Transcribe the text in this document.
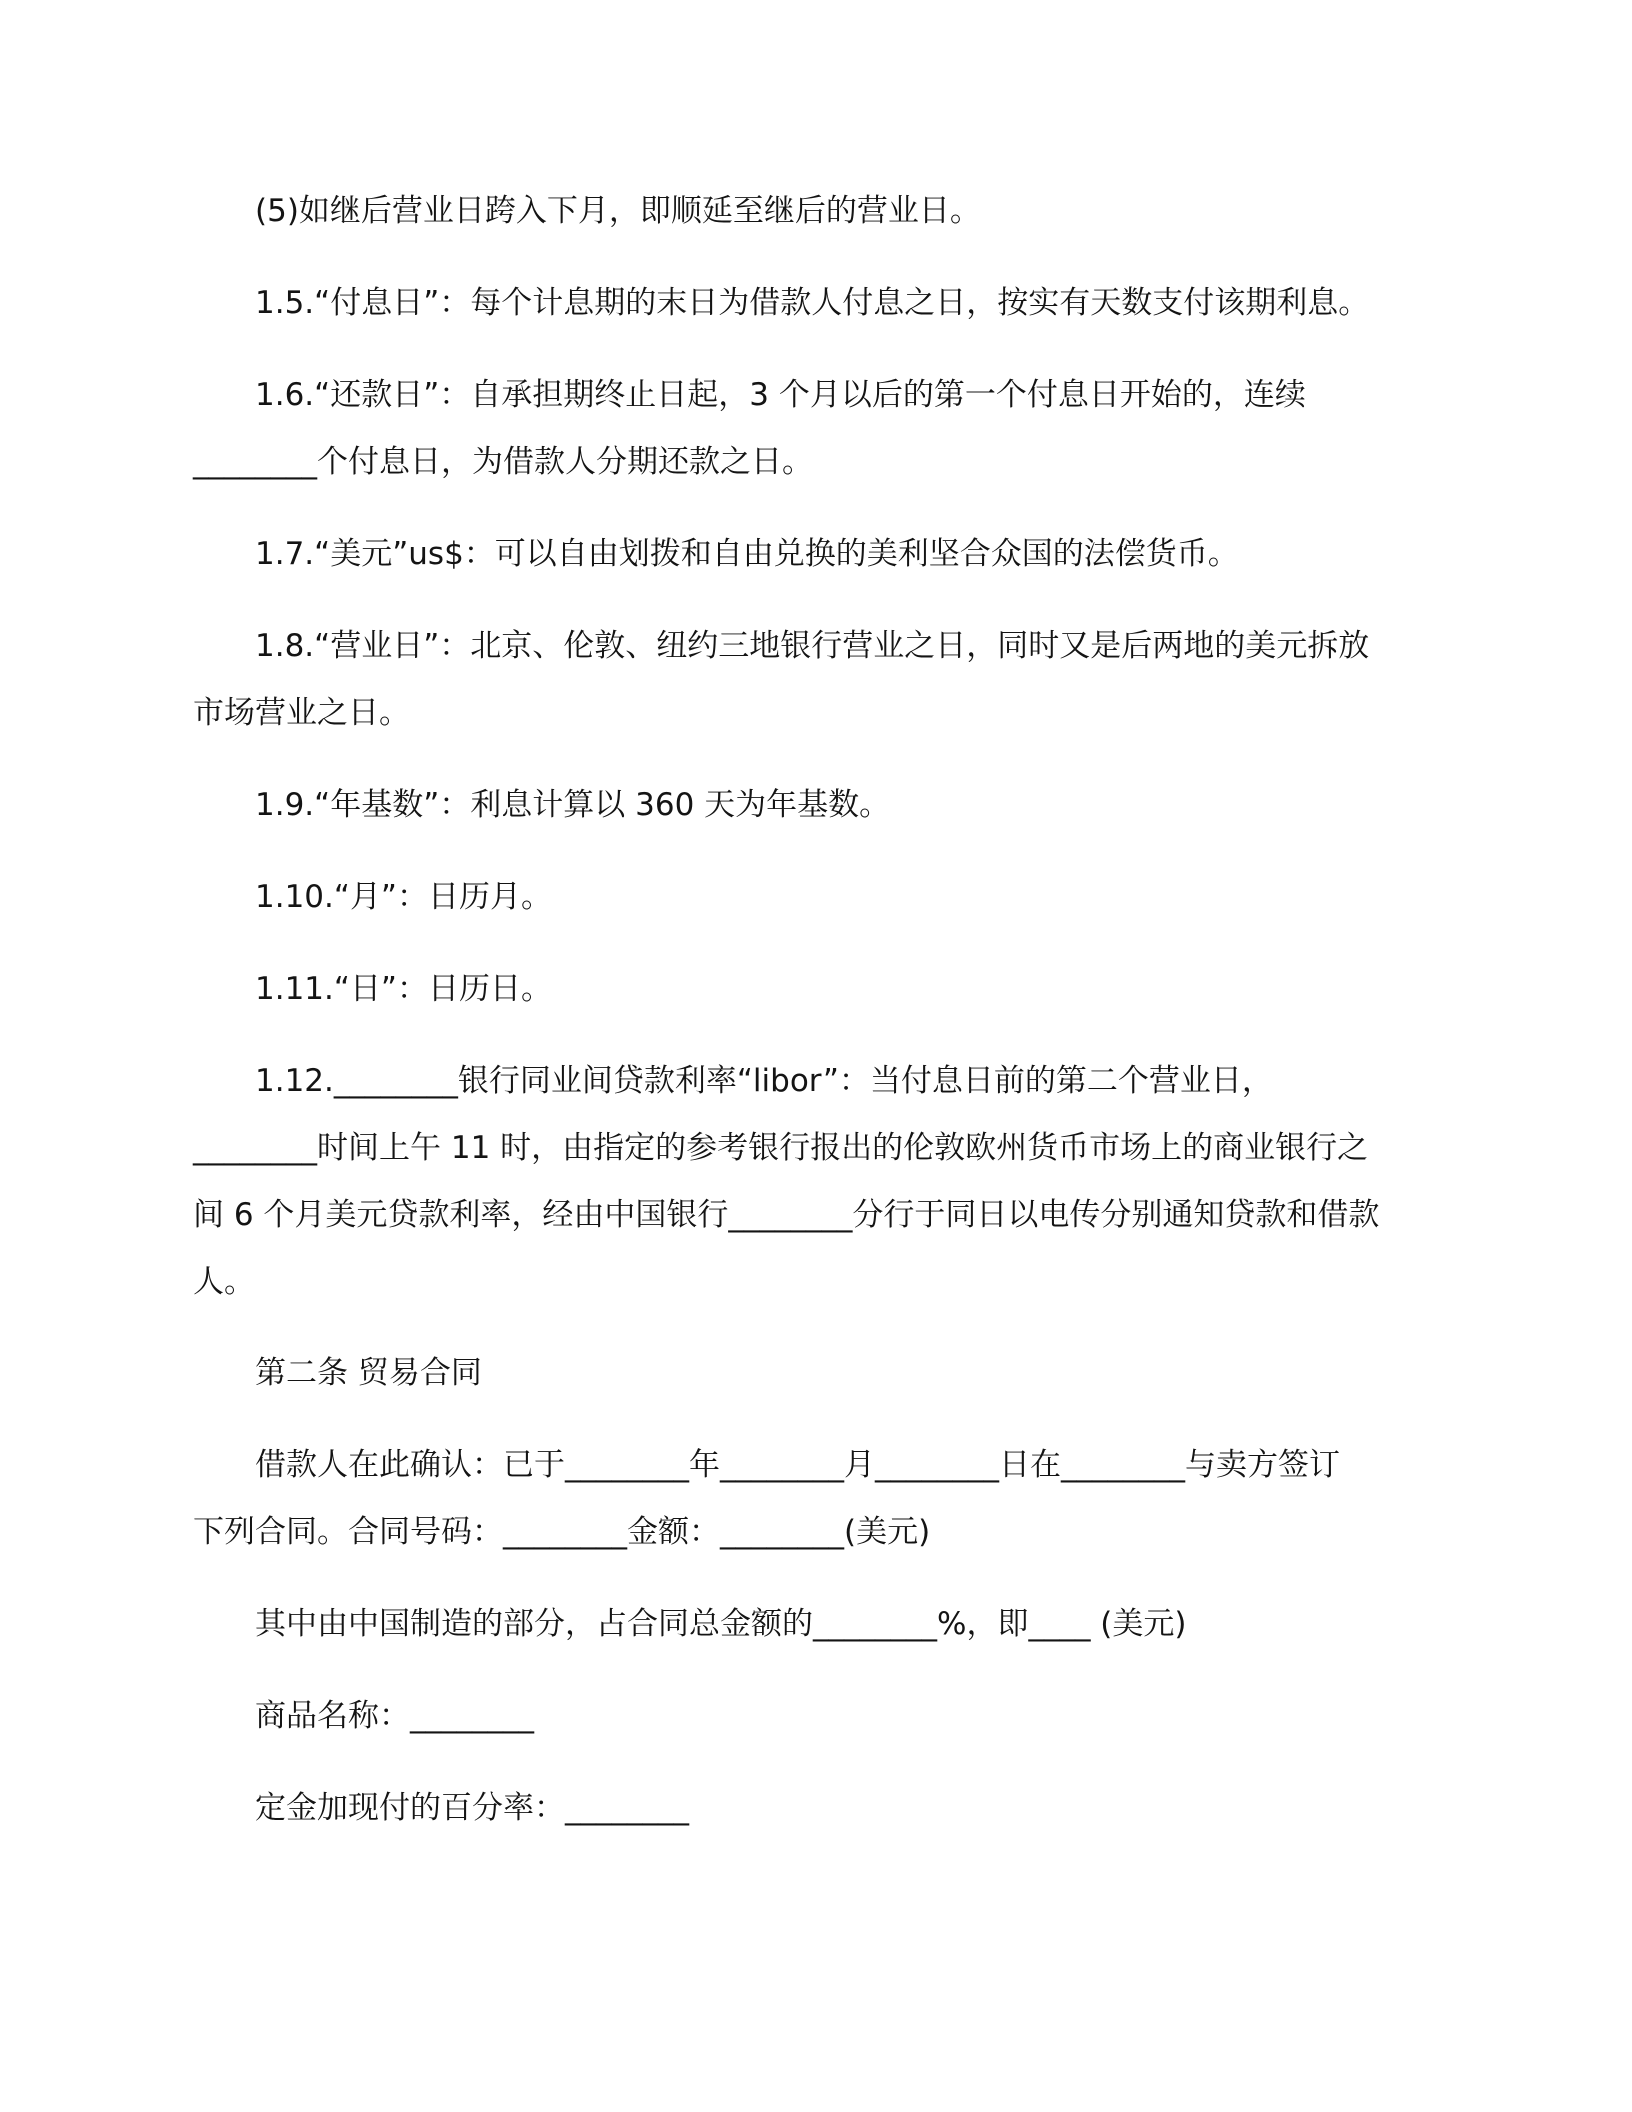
(5)如继后营业日跨入下月，即顺延至继后的营业日。

1.5.“付息日”：每个计息期的末日为借款人付息之日，按实有天数支付该期利息。

1.6.“还款日”：自承担期终止日起，3 个月以后的第一个付息日开始的，连续
________个付息日，为借款人分期还款之日。

1.7.“美元”us$：可以自由划拨和自由兑换的美利坚合众国的法偿货币。

1.8.“营业日”：北京、伦敦、纽约三地银行营业之日，同时又是后两地的美元拆放
市场营业之日。

1.9.“年基数”：利息计算以 360 天为年基数。

1.10.“月”：日历月。

1.11.“日”：日历日。

1.12.________银行同业间贷款利率“libor”：当付息日前的第二个营业日，
________时间上午 11 时，由指定的参考银行报出的伦敦欧州货币市场上的商业银行之
间 6 个月美元贷款利率，经由中国银行________分行于同日以电传分别通知贷款和借款
人。

第二条 贸易合同

借款人在此确认：已于________年________月________日在________与卖方签订
下列合同。合同号码：________金额：________(美元)

其中由中国制造的部分，占合同总金额的________%，即____ (美元)

商品名称：________

定金加现付的百分率：________
